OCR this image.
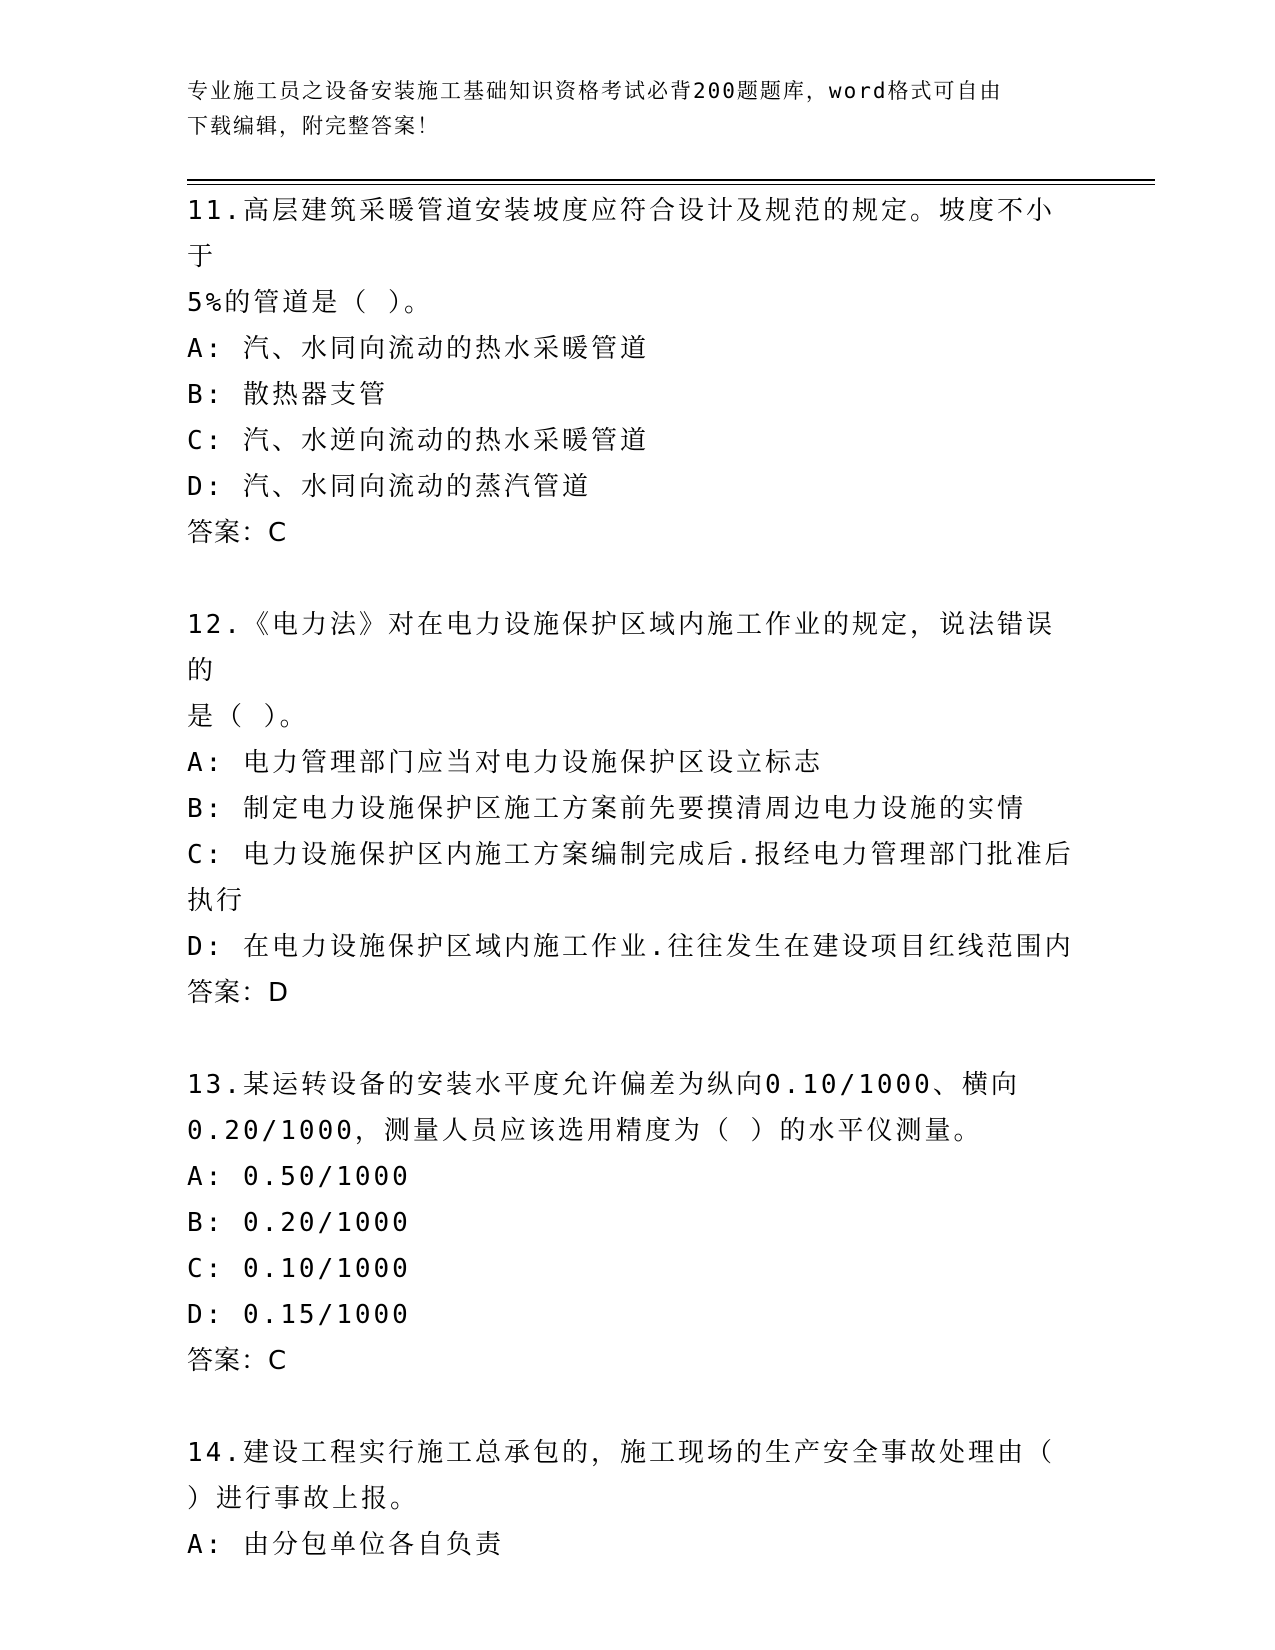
专业施工员之设备安装施工基础知识资格考试必背200题题库，word格式可自由
下载编辑，附完整答案！
11.高层建筑采暖管道安装坡度应符合设计及规范的规定。坡度不小于
5%的管道是（ ）。
A: 汽、水同向流动的热水采暖管道
B: 散热器支管
C: 汽、水逆向流动的热水采暖管道
D: 汽、水同向流动的蒸汽管道
答案：C
12.《电力法》对在电力设施保护区域内施工作业的规定，说法错误的
是（ ）。
A: 电力管理部门应当对电力设施保护区设立标志
B: 制定电力设施保护区施工方案前先要摸清周边电力设施的实情
C: 电力设施保护区内施工方案编制完成后.报经电力管理部门批准后
执行
D: 在电力设施保护区域内施工作业.往往发生在建设项目红线范围内
答案：D
13.某运转设备的安装水平度允许偏差为纵向0.10/1000、横向
0.20/1000，测量人员应该选用精度为（ ）的水平仪测量。
A: 0.50/1000
B: 0.20/1000
C: 0.10/1000
D: 0.15/1000
答案：C
14.建设工程实行施工总承包的，施工现场的生产安全事故处理由（
）进行事故上报。
A: 由分包单位各自负责
